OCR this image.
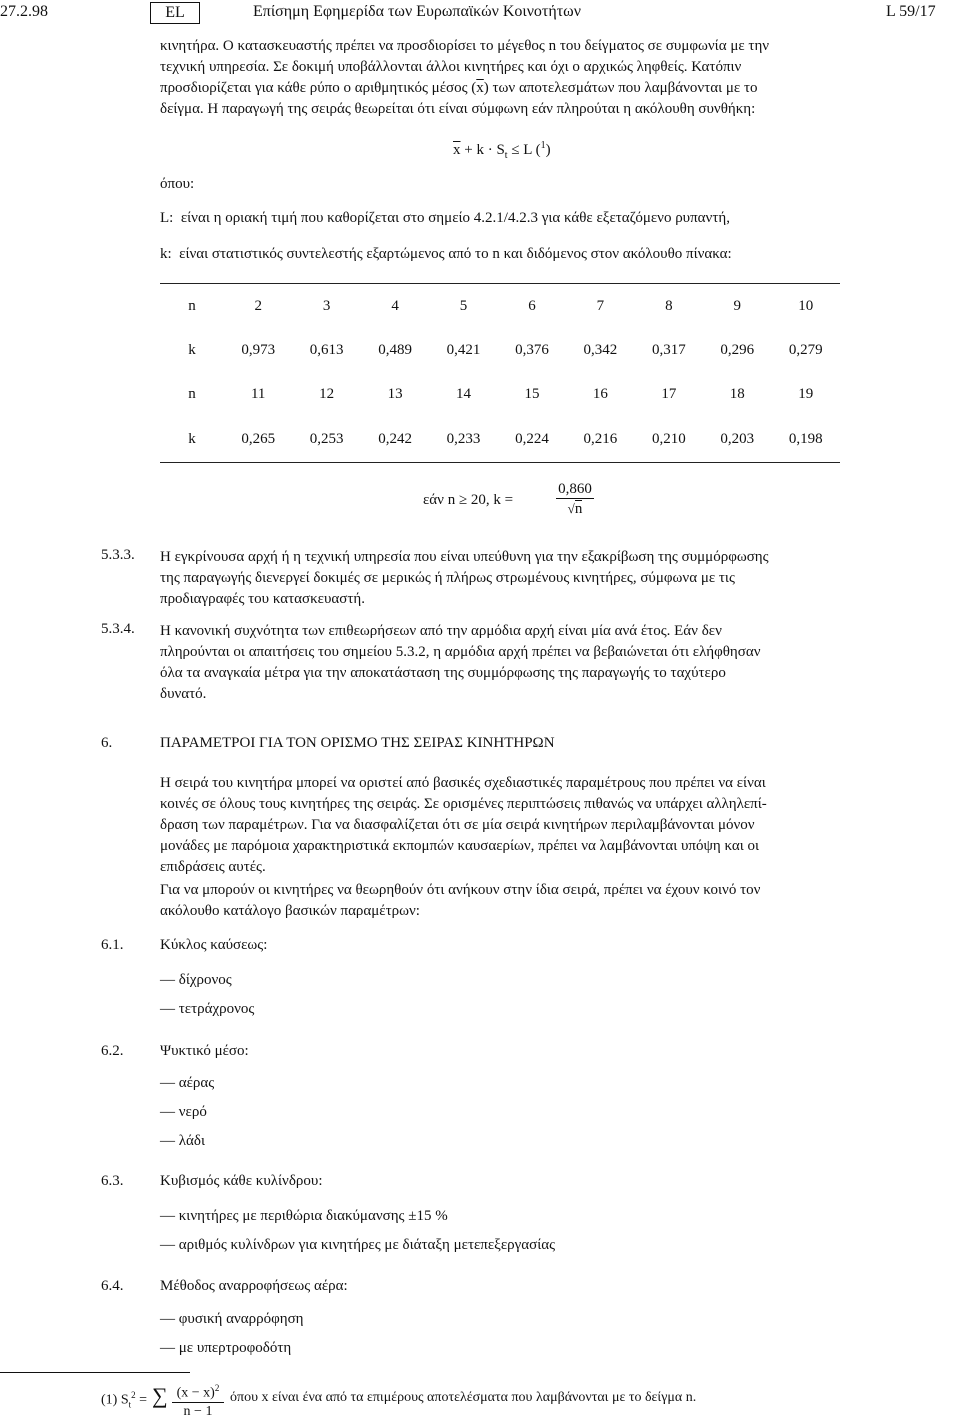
27.2.98	EL	Επίσημη Εφημερίδα των Ευρωπαϊκών Κοινοτήτων	L 59/17
κινητήρα. Ο κατασκευαστής πρέπει να προσδιορίσει το μέγεθος n του δείγματος σε συμφωνία με την
τεχνική υπηρεσία. Σε δοκιμή υποβάλλονται άλλοι κινητήρες και όχι ο αρχικώς ληφθείς. Κατόπιν
προσδιορίζεται για κάθε ρύπο ο αριθμητικός μέσος $(\overline{x})$ των αποτελεσμάτων που λαμβάνονται με το
δείγμα. Η παραγωγή της σειράς θεωρείται ότι είναι σύμφωνη εάν πληρούται η ακόλουθη συνθήκη:
$\overline{x} + k \cdot S_t \le L$ ($^1$)
όπου:
L: είναι η οριακή τιμή που καθορίζεται στο σημείο 4.2.1/4.2.3 για κάθε εξεταζόμενο ρυπαντή,
k: είναι στατιστικός συντελεστής εξαρτώμενος από το n και διδόμενος στον ακόλουθο πίνακα:
n	2	3	4	5	6	7	8	9	10
k	0,973	0,613	0,489	0,421	0,376	0,342	0,317	0,296	0,279
n	11	12	13	14	15	16	17	18	19
k	0,265	0,253	0,242	0,233	0,224	0,216	0,210	0,203	0,198
εάν n ≥ 20, k =
0,860
√n
5.3.3. Η εγκρίνουσα αρχή ή η τεχνική υπηρεσία που είναι υπεύθυνη για την εξακρίβωση της συμμόρφωσης
της παραγωγής διενεργεί δοκιμές σε μερικώς ή πλήρως στρωμένους κινητήρες, σύμφωνα με τις
προδιαγραφές του κατασκευαστή.
5.3.4. Η κανονική συχνότητα των επιθεωρήσεων από την αρμόδια αρχή είναι μία ανά έτος. Εάν δεν
πληρούνται οι απαιτήσεις του σημείου 5.3.2, η αρμόδια αρχή πρέπει να βεβαιώνεται ότι ελήφθησαν
όλα τα αναγκαία μέτρα για την αποκατάσταση της συμμόρφωσης της παραγωγής το ταχύτερο
δυνατό.
6.	ΠΑΡΑΜΕΤΡΟΙ ΓΙΑ ΤΟΝ ΟΡΙΣΜΟ ΤΗΣ ΣΕΙΡΑΣ ΚΙΝΗΤΗΡΩΝ
Η σειρά του κινητήρα μπορεί να οριστεί από βασικές σχεδιαστικές παραμέτρους που πρέπει να είναι
κοινές σε όλους τους κινητήρες της σειράς. Σε ορισμένες περιπτώσεις πιθανώς να υπάρχει αλληλεπί-
δραση των παραμέτρων. Για να διασφαλίζεται ότι σε μία σειρά κινητήρων περιλαμβάνονται μόνον
μονάδες με παρόμοια χαρακτηριστικά εκπομπών καυσαερίων, πρέπει να λαμβάνονται υπόψη και οι
επιδράσεις αυτές.
Για να μπορούν οι κινητήρες να θεωρηθούν ότι ανήκουν στην ίδια σειρά, πρέπει να έχουν κοινό τον
ακόλουθο κατάλογο βασικών παραμέτρων:
6.1. Κύκλος καύσεως:
— δίχρονος
— τετράχρονος
6.2. Ψυκτικό μέσο:
— αέρας
— νερό
— λάδι
6.3. Κυβισμός κάθε κυλίνδρου:
— κινητήρες με περιθώρια διακύμανσης ±15 %
— αριθμός κυλίνδρων για κινητήρες με διάταξη μετεπεξεργασίας
6.4. Μέθοδος αναρροφήσεως αέρα:
— φυσική αναρρόφηση
— με υπερτροφοδότη
(1) $S_t^2$ = ∑ $(x - x)^2$
n − 1
όπου x είναι ένα από τα επιμέρους αποτελέσματα που λαμβάνονται με το δείγμα n.
